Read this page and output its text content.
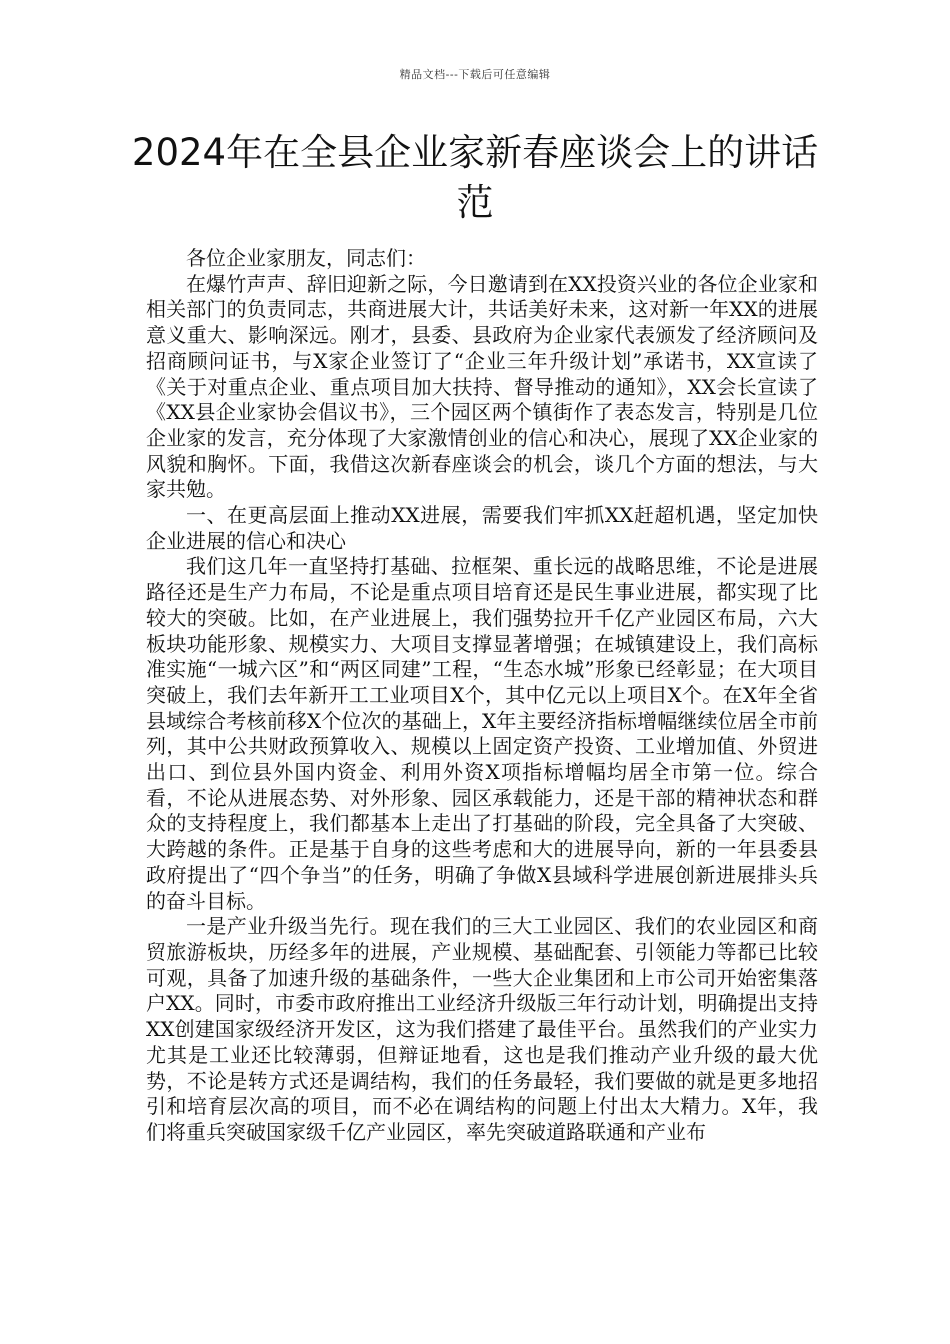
精品文档---下载后可任意编辑
2024年在全县企业家新春座谈会上的讲话范

各位企业家朋友，同志们：

在爆竹声声、辞旧迎新之际，今日邀请到在XX投资兴业的各位企业家和相关部门的负责同志，共商进展大计，共话美好未来，这对新一年XX的进展意义重大、影响深远。刚才，县委、县政府为企业家代表颁发了经济顾问及招商顾问证书，与X家企业签订了“企业三年升级计划”承诺书，XX宣读了《关于对重点企业、重点项目加大扶持、督导推动的通知》，XX会长宣读了《XX县企业家协会倡议书》，三个园区两个镇街作了表态发言，特别是几位企业家的发言，充分体现了大家激情创业的信心和决心，展现了XX企业家的风貌和胸怀。下面，我借这次新春座谈会的机会，谈几个方面的想法，与大家共勉。

一、在更高层面上推动XX进展，需要我们牢抓XX赶超机遇，坚定加快企业进展的信心和决心

我们这几年一直坚持打基础、拉框架、重长远的战略思维，不论是进展路径还是生产力布局，不论是重点项目培育还是民生事业进展，都实现了比较大的突破。比如，在产业进展上，我们强势拉开千亿产业园区布局，六大板块功能形象、规模实力、大项目支撑显著增强；在城镇建设上，我们高标准实施“一城六区”和“两区同建”工程，“生态水城”形象已经彰显；在大项目突破上，我们去年新开工工业项目X个，其中亿元以上项目X个。在X年全省县域综合考核前移X个位次的基础上，X年主要经济指标增幅继续位居全市前列，其中公共财政预算收入、规模以上固定资产投资、工业增加值、外贸进出口、到位县外国内资金、利用外资X项指标增幅均居全市第一位。综合看，不论从进展态势、对外形象、园区承载能力，还是干部的精神状态和群众的支持程度上，我们都基本上走出了打基础的阶段，完全具备了大突破、大跨越的条件。正是基于自身的这些考虑和大的进展导向，新的一年县委县政府提出了“四个争当”的任务，明确了争做X县域科学进展创新进展排头兵的奋斗目标。

一是产业升级当先行。现在我们的三大工业园区、我们的农业园区和商贸旅游板块，历经多年的进展，产业规模、基础配套、引领能力等都已比较可观，具备了加速升级的基础条件，一些大企业集团和上市公司开始密集落户XX。同时，市委市政府推出工业经济升级版三年行动计划，明确提出支持XX创建国家级经济开发区，这为我们搭建了最佳平台。虽然我们的产业实力尤其是工业还比较薄弱，但辩证地看，这也是我们推动产业升级的最大优势，不论是转方式还是调结构，我们的任务最轻，我们要做的就是更多地招引和培育层次高的项目，而不必在调结构的问题上付出太大精力。X年，我们将重兵突破国家级千亿产业园区，率先突破道路联通和产业布
